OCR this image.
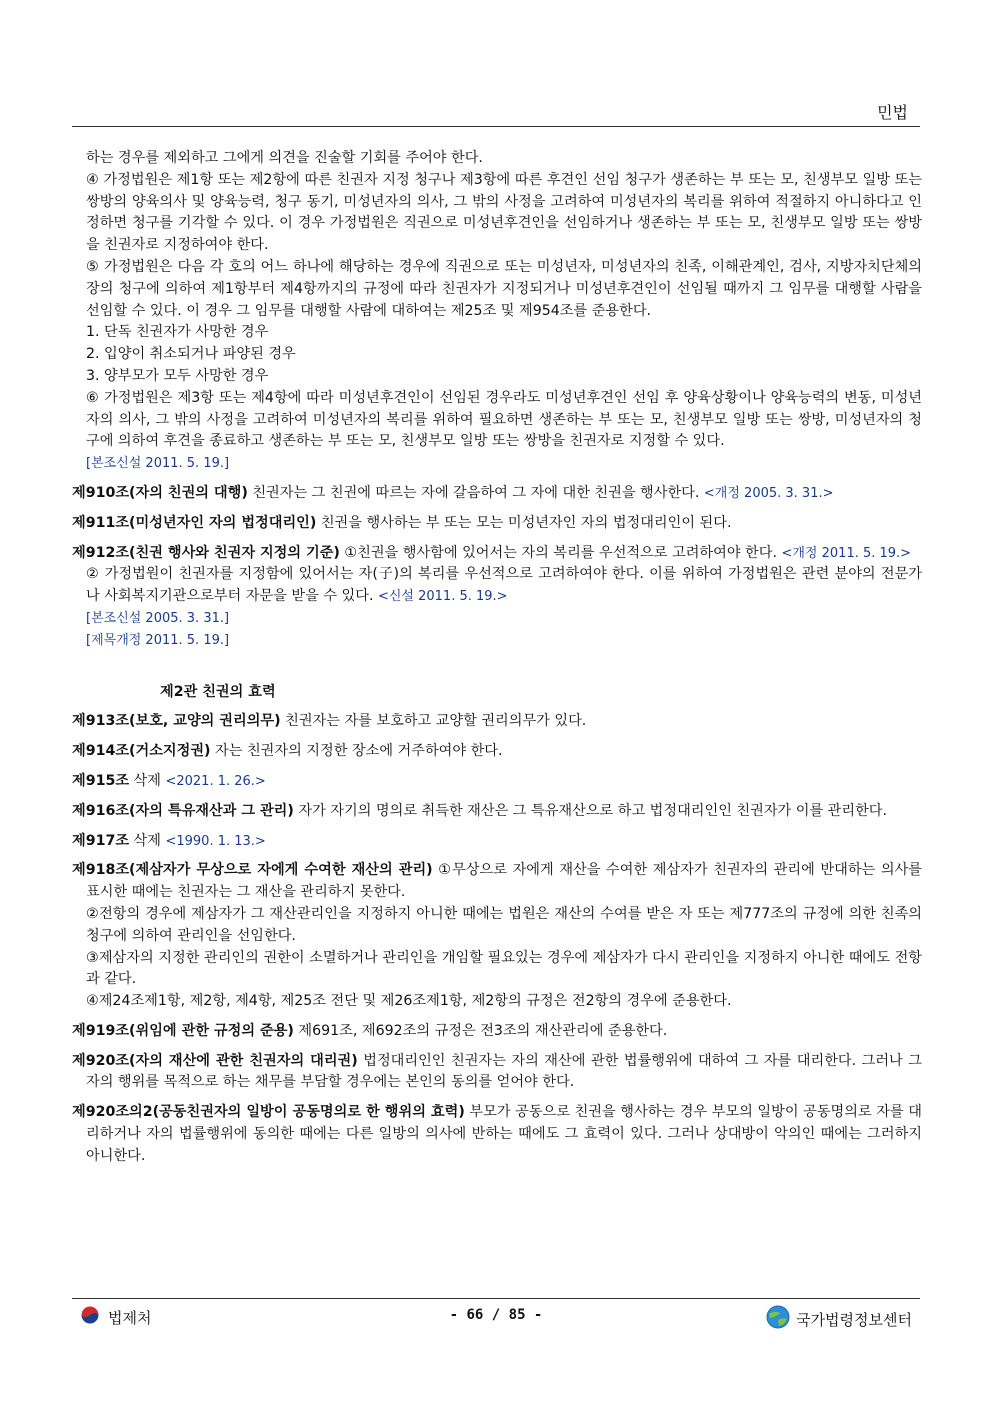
민법

하는 경우를 제외하고 그에게 의견을 진술할 기회를 주어야 한다.

④ 가정법원은 제1항 또는 제2항에 따른 친권자 지정 청구나 제3항에 따른 후견인 선임 청구가 생존하는 부 또는 모, 친생부모 일방 또는 쌍방의 양육의사 및 양육능력, 청구 동기, 미성년자의 의사, 그 밖의 사정을 고려하여 미성년자의 복리를 위하여 적절하지 아니하다고 인정하면 청구를 기각할 수 있다. 이 경우 가정법원은 직권으로 미성년후견인을 선임하거나 생존하는 부 또는 모, 친생부모 일방 또는 쌍방을 친권자로 지정하여야 한다.

⑤ 가정법원은 다음 각 호의 어느 하나에 해당하는 경우에 직권으로 또는 미성년자, 미성년자의 친족, 이해관계인, 검사, 지방자치단체의 장의 청구에 의하여 제1항부터 제4항까지의 규정에 따라 친권자가 지정되거나 미성년후견인이 선임될 때까지 그 임무를 대행할 사람을 선임할 수 있다. 이 경우 그 임무를 대행할 사람에 대하여는 제25조 및 제954조를 준용한다.

1. 단독 친권자가 사망한 경우

2. 입양이 취소되거나 파양된 경우

3. 양부모가 모두 사망한 경우

⑥ 가정법원은 제3항 또는 제4항에 따라 미성년후견인이 선임된 경우라도 미성년후견인 선임 후 양육상황이나 양육능력의 변동, 미성년자의 의사, 그 밖의 사정을 고려하여 미성년자의 복리를 위하여 필요하면 생존하는 부 또는 모, 친생부모 일방 또는 쌍방, 미성년자의 청구에 의하여 후견을 종료하고 생존하는 부 또는 모, 친생부모 일방 또는 쌍방을 친권자로 지정할 수 있다.

[본조신설 2011. 5. 19.]

제910조(자의 친권의 대행) 친권자는 그 친권에 따르는 자에 갈음하여 그 자에 대한 친권을 행사한다. <개정 2005. 3. 31.>

제911조(미성년자인 자의 법정대리인) 친권을 행사하는 부 또는 모는 미성년자인 자의 법정대리인이 된다.

제912조(친권 행사와 친권자 지정의 기준) ①친권을 행사함에 있어서는 자의 복리를 우선적으로 고려하여야 한다. <개정 2011. 5. 19.>

② 가정법원이 친권자를 지정함에 있어서는 자(子)의 복리를 우선적으로 고려하여야 한다. 이를 위하여 가정법원은 관련 분야의 전문가나 사회복지기관으로부터 자문을 받을 수 있다. <신설 2011. 5. 19.>

[본조신설 2005. 3. 31.]

[제목개정 2011. 5. 19.]

제2관 친권의 효력

제913조(보호, 교양의 권리의무) 친권자는 자를 보호하고 교양할 권리의무가 있다.

제914조(거소지정권) 자는 친권자의 지정한 장소에 거주하여야 한다.

제915조 삭제 <2021. 1. 26.>

제916조(자의 특유재산과 그 관리) 자가 자기의 명의로 취득한 재산은 그 특유재산으로 하고 법정대리인인 친권자가 이를 관리한다.

제917조 삭제 <1990. 1. 13.>

제918조(제삼자가 무상으로 자에게 수여한 재산의 관리) ①무상으로 자에게 재산을 수여한 제삼자가 친권자의 관리에 반대하는 의사를 표시한 때에는 친권자는 그 재산을 관리하지 못한다.

②전항의 경우에 제삼자가 그 재산관리인을 지정하지 아니한 때에는 법원은 재산의 수여를 받은 자 또는 제777조의 규정에 의한 친족의 청구에 의하여 관리인을 선임한다.

③제삼자의 지정한 관리인의 권한이 소멸하거나 관리인을 개임할 필요있는 경우에 제삼자가 다시 관리인을 지정하지 아니한 때에도 전항과 같다.

④제24조제1항, 제2항, 제4항, 제25조 전단 및 제26조제1항, 제2항의 규정은 전2항의 경우에 준용한다.

제919조(위임에 관한 규정의 준용) 제691조, 제692조의 규정은 전3조의 재산관리에 준용한다.

제920조(자의 재산에 관한 친권자의 대리권) 법정대리인인 친권자는 자의 재산에 관한 법률행위에 대하여 그 자를 대리한다. 그러나 그 자의 행위를 목적으로 하는 채무를 부담할 경우에는 본인의 동의를 얻어야 한다.

제920조의2(공동친권자의 일방이 공동명의로 한 행위의 효력) 부모가 공동으로 친권을 행사하는 경우 부모의 일방이 공동명의로 자를 대리하거나 자의 법률행위에 동의한 때에는 다른 일방의 의사에 반하는 때에도 그 효력이 있다. 그러나 상대방이 악의인 때에는 그러하지 아니한다.

법제처	- 66 / 85 -	국가법령정보센터
